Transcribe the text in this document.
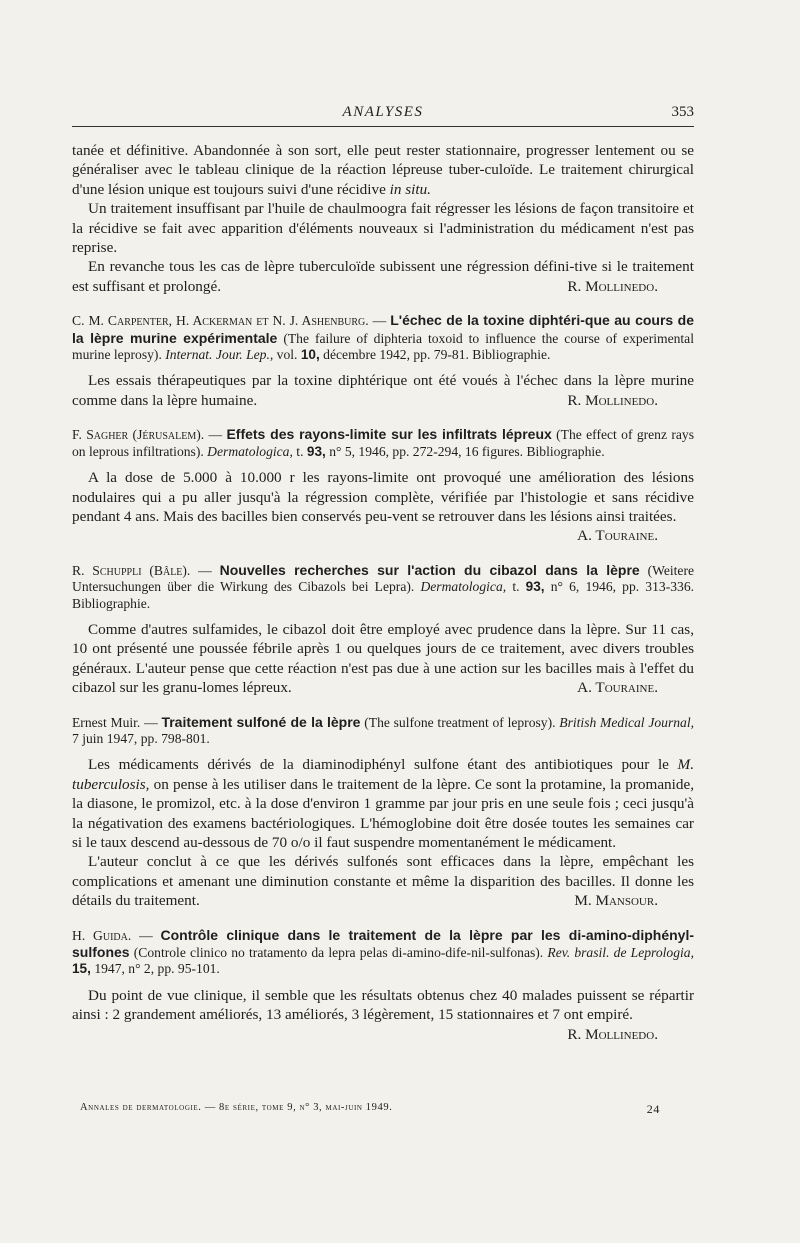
ANALYSES	353

tanée et définitive. Abandonnée à son sort, elle peut rester stationnaire, progresser lentement ou se généraliser avec le tableau clinique de la réaction lépreuse tuber-culoïde. Le traitement chirurgical d'une lésion unique est toujours suivi d'une récidive in situ.

Un traitement insuffisant par l'huile de chaulmoogra fait régresser les lésions de façon transitoire et la récidive se fait avec apparition d'éléments nouveaux si l'administration du médicament n'est pas reprise.

En revanche tous les cas de lèpre tuberculoïde subissent une régression défini-tive si le traitement est suffisant et prolongé.	R. Mollinedo.

C. M. Carpenter, H. Ackerman et N. J. Ashenburg. — L'échec de la toxine diphtéri-que au cours de la lèpre murine expérimentale (The failure of diphteria toxoid to influence the course of experimental murine leprosy). Internat. Jour. Lep., vol. 10, décembre 1942, pp. 79-81. Bibliographie.

Les essais thérapeutiques par la toxine diphtérique ont été voués à l'échec dans la lèpre murine comme dans la lèpre humaine.	R. Mollinedo.

F. Sagher (Jérusalem). — Effets des rayons-limite sur les infiltrats lépreux (The effect of grenz rays on leprous infiltrations). Dermatologica, t. 93, n° 5, 1946, pp. 272-294, 16 figures. Bibliographie.

A la dose de 5.000 à 10.000 r les rayons-limite ont provoqué une amélioration des lésions nodulaires qui a pu aller jusqu'à la régression complète, vérifiée par l'histologie et sans récidive pendant 4 ans. Mais des bacilles bien conservés peu-vent se retrouver dans les lésions ainsi traitées.
A. Touraine.

R. Schuppli (Bâle). — Nouvelles recherches sur l'action du cibazol dans la lèpre (Weitere Untersuchungen über die Wirkung des Cibazols bei Lepra). Dermatologica, t. 93, n° 6, 1946, pp. 313-336. Bibliographie.

Comme d'autres sulfamides, le cibazol doit être employé avec prudence dans la lèpre. Sur 11 cas, 10 ont présenté une poussée fébrile après 1 ou quelques jours de ce traitement, avec divers troubles généraux. L'auteur pense que cette réaction n'est pas due à une action sur les bacilles mais à l'effet du cibazol sur les granu-lomes lépreux.	A. Touraine.

Ernest Muir. — Traitement sulfoné de la lèpre (The sulfone treatment of leprosy). British Medical Journal, 7 juin 1947, pp. 798-801.

Les médicaments dérivés de la diaminodiphényl sulfone étant des antibiotiques pour le M. tuberculosis, on pense à les utiliser dans le traitement de la lèpre. Ce sont la protamine, la promanide, la diasone, le promizol, etc. à la dose d'environ 1 gramme par jour pris en une seule fois ; ceci jusqu'à la négativation des examens bactériologiques. L'hémoglobine doit être dosée toutes les semaines car si le taux descend au-dessous de 70 o/o il faut suspendre momentanément le médicament.

L'auteur conclut à ce que les dérivés sulfonés sont efficaces dans la lèpre, empêchant les complications et amenant une diminution constante et même la disparition des bacilles. Il donne les détails du traitement.	M. Mansour.

H. Guida. — Contrôle clinique dans le traitement de la lèpre par les di-amino-diphényl-sulfones (Controle clinico no tratamento da lepra pelas di-amino-dife-nil-sulfonas). Rev. brasil. de Leprologia, 15, 1947, n° 2, pp. 95-101.

Du point de vue clinique, il semble que les résultats obtenus chez 40 malades puissent se répartir ainsi : 2 grandement améliorés, 13 améliorés, 3 légèrement, 15 stationnaires et 7 ont empiré.
R. Mollinedo.

Annales de dermatologie. — 8e série, tome 9, n° 3, mai-juin 1949.	24
